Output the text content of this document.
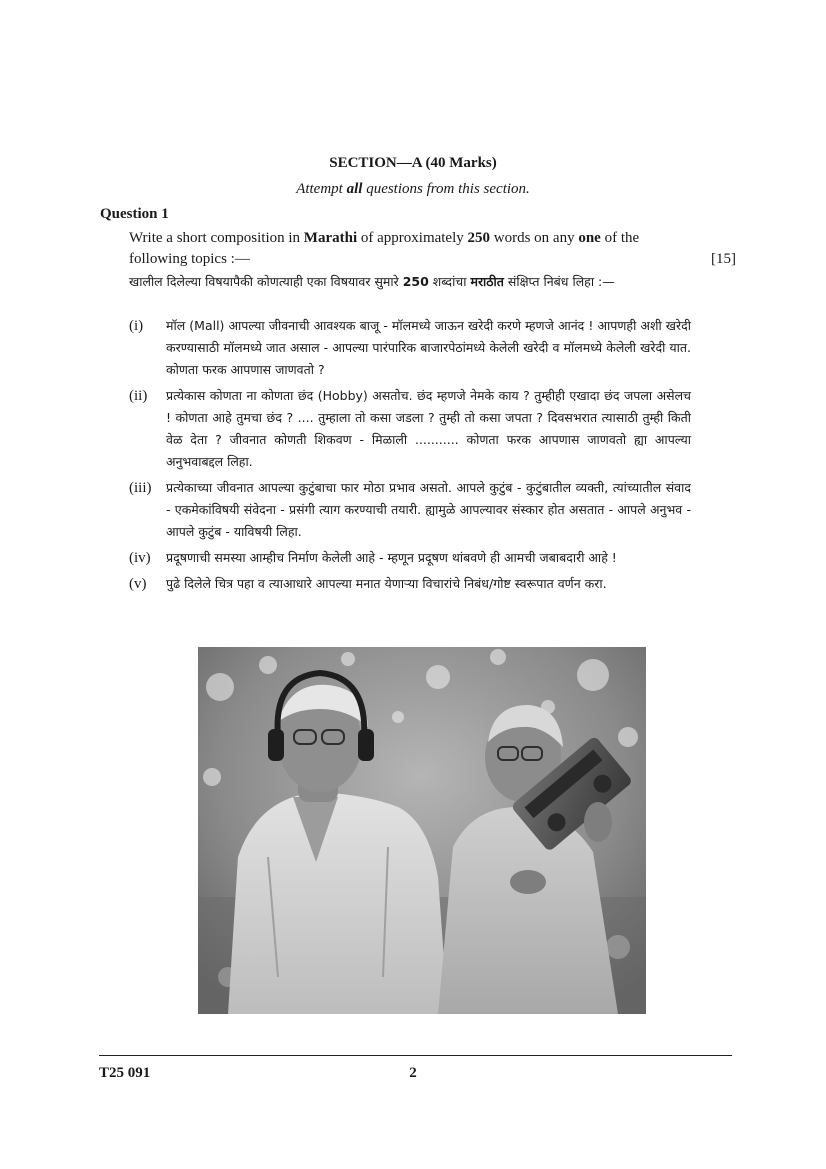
SECTION—A (40 Marks)
Attempt all questions from this section.
Question 1
Write a short composition in Marathi of approximately 250 words on any one of the following topics :—	[15]
खालील दिलेल्या विषयापैकी कोणत्याही एका विषयावर सुमारे 250 शब्दांचा मराठीत संक्षिप्त निबंध लिहा :—
(i)	मॉल (Mall) आपल्या जीवनाची आवश्यक बाजू - मॉलमध्ये जाऊन खरेदी करणे म्हणजे आनंद ! आपणही अशी खरेदी करण्यासाठी मॉलमध्ये जात असाल - आपल्या पारंपारिक बाजारपेठांमध्ये केलेली खरेदी व मॉलमध्ये केलेली खरेदी यात. कोणता फरक आपणास जाणवतो ?
(ii)	प्रत्येकास कोणता ना कोणता छंद (Hobby) असतोच. छंद म्हणजे नेमके काय ? तुम्हीही एखादा छंद जपला असेलच ! कोणता आहे तुमचा छंद ? .... तुम्हाला तो कसा जडला ? तुम्ही तो कसा जपता ? दिवसभरात त्यासाठी तुम्ही किती वेळ देता ? जीवनात कोणती शिकवण - मिळाली ........... कोणता फरक आपणास जाणवतो ह्या आपल्या अनुभवाबद्दल लिहा.
(iii)	प्रत्येकाच्या जीवनात आपल्या कुटुंबाचा फार मोठा प्रभाव असतो. आपले कुटुंब - कुटुंबातील व्यक्ती, त्यांच्यातील संवाद - एकमेकांविषयी संवेदना - प्रसंगी त्याग करण्याची तयारी. ह्यामुळे आपल्यावर संस्कार होत असतात - आपले अनुभव - आपले कुटुंब - याविषयी लिहा.
(iv)	प्रदूषणाची समस्या आम्हीच निर्माण केलेली आहे - म्हणून प्रदूषण थांबवणे ही आमची जबाबदारी आहे !
(v)	पुढे दिलेले चित्र पहा व त्याआधारे आपल्या मनात येणाऱ्या विचारांचे निबंध/गोष्ट स्वरूपात वर्णन करा.
T25 091	2
